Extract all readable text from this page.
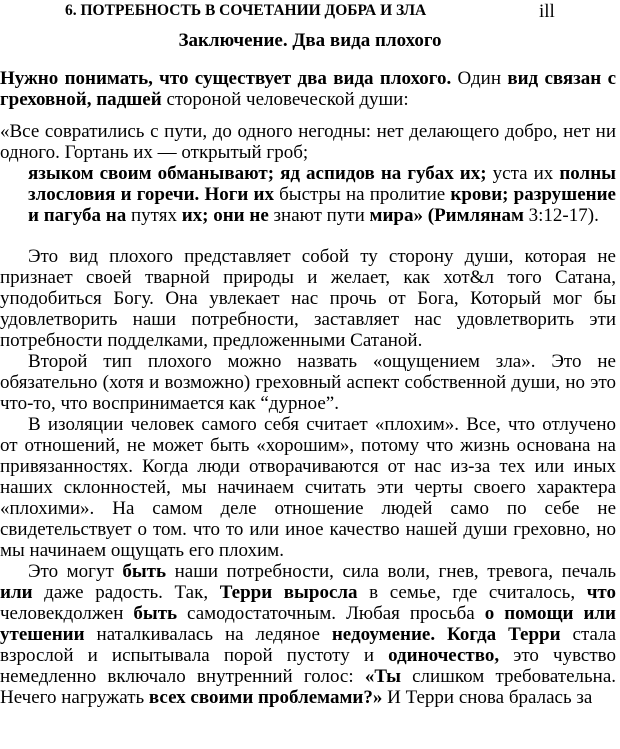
6. ПОТРЕБНОСТЬ В СОЧЕТАНИИ ДОБРА И ЗЛА	ill
Заключение. Два вида плохого

Нужно понимать, что существует два вида плохого. Один вид связан с греховной, падшей стороной человеческой души:

«Все совратились с пути, до одного негодны: нет делающего добро, нет ни одного. Гортань их — открытый гроб;

языком своим обманывают; яд аспидов на губах их; уста их полны злословия и горечи. Ноги их быстры на пролитие крови; разрушение и пагуба на путях их; они не знают пути мира» (Римлянам 3:12-17).

Это вид плохого представляет собой ту сторону души, которая не признает своей тварной природы и желает, как хот&л того Сатана, уподобиться Богу. Она увлекает нас прочь от Бога, Который мог бы удовлетворить наши потребности, заставляет нас удовлетворить эти потребности подделками, предложенными Сатаной.

Второй тип плохого можно назвать «ощущением зла». Это не обязательно (хотя и возможно) греховный аспект собственной души, но это что-то, что воспринимается как “дурное”.

В изоляции человек самого себя считает «плохим». Все, что отлучено от отношений, не может быть «хорошим», потому что жизнь основана на привязанностях. Когда люди отворачиваются от нас из-за тех или иных наших склонностей, мы начинаем считать эти черты своего характера «плохими». На самом деле отношение людей само по себе не свидетельствует о том. что то или иное качество нашей души греховно, но мы начинаем ощущать его плохим.

Это могут быть наши потребности, сила воли, гнев, тревога, печаль или даже радость. Так, Терри выросла в семье, где считалось, что человекдолжен быть самодостаточным. Любая просьба о помощи или утешении наталкивалась на ледяное недоумение. Когда Терри стала взрослой и испытывала порой пустоту и одиночество, это чувство немедленно включало внутренний голос: «Ты слишком требовательна. Нечего нагружать всех своими проблемами?» И Терри снова бралась за
